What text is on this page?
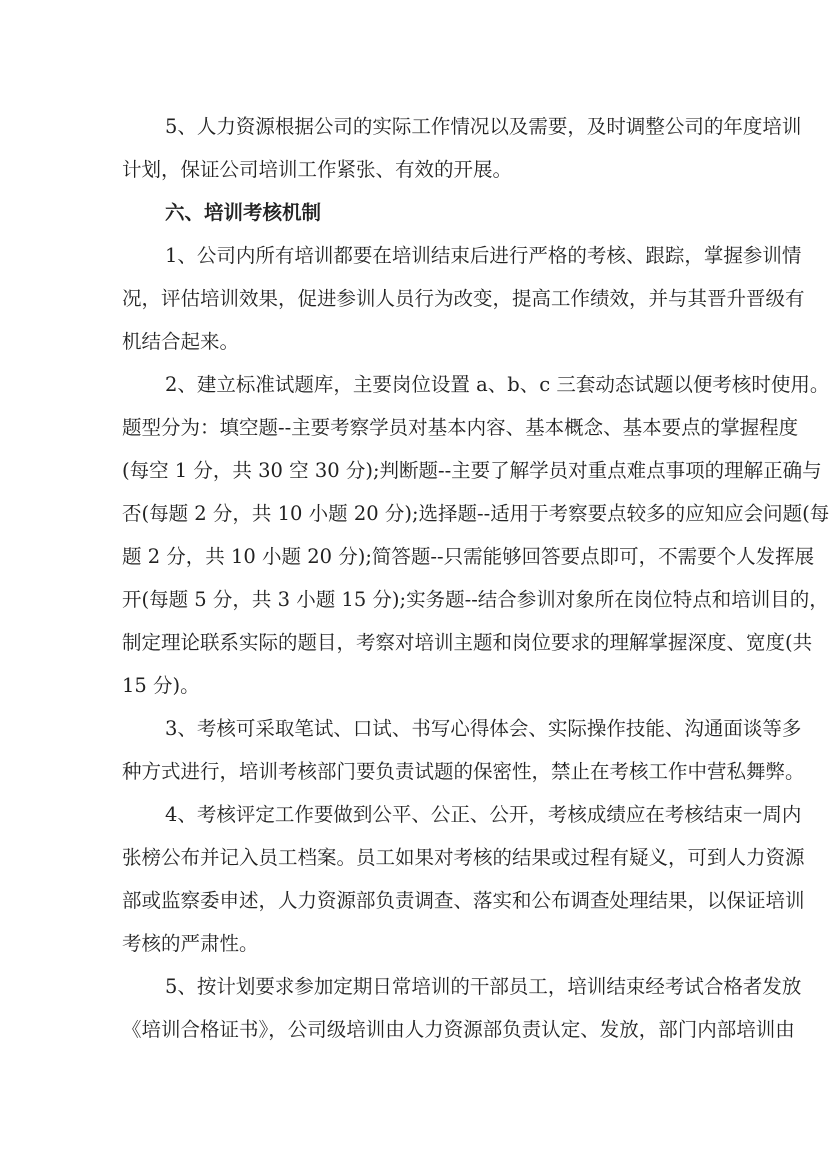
5、人力资源根据公司的实际工作情况以及需要，及时调整公司的年度培训
计划，保证公司培训工作紧张、有效的开展。
六、培训考核机制
1、公司内所有培训都要在培训结束后进行严格的考核、跟踪，掌握参训情
况，评估培训效果，促进参训人员行为改变，提高工作绩效，并与其晋升晋级有
机结合起来。
2、建立标准试题库，主要岗位设置 a、b、c 三套动态试题以便考核时使用。
题型分为：填空题--主要考察学员对基本内容、基本概念、基本要点的掌握程度
(每空 1 分，共 30 空 30 分);判断题--主要了解学员对重点难点事项的理解正确与
否(每题 2 分，共 10 小题 20 分);选择题--适用于考察要点较多的应知应会问题(每
题 2 分，共 10 小题 20 分);简答题--只需能够回答要点即可，不需要个人发挥展
开(每题 5 分，共 3 小题 15 分);实务题--结合参训对象所在岗位特点和培训目的，
制定理论联系实际的题目，考察对培训主题和岗位要求的理解掌握深度、宽度(共
15 分)。
3、考核可采取笔试、口试、书写心得体会、实际操作技能、沟通面谈等多
种方式进行，培训考核部门要负责试题的保密性，禁止在考核工作中营私舞弊。
4、考核评定工作要做到公平、公正、公开，考核成绩应在考核结束一周内
张榜公布并记入员工档案。员工如果对考核的结果或过程有疑义，可到人力资源
部或监察委申述，人力资源部负责调查、落实和公布调查处理结果，以保证培训
考核的严肃性。
5、按计划要求参加定期日常培训的干部员工，培训结束经考试合格者发放
《培训合格证书》，公司级培训由人力资源部负责认定、发放，部门内部培训由
